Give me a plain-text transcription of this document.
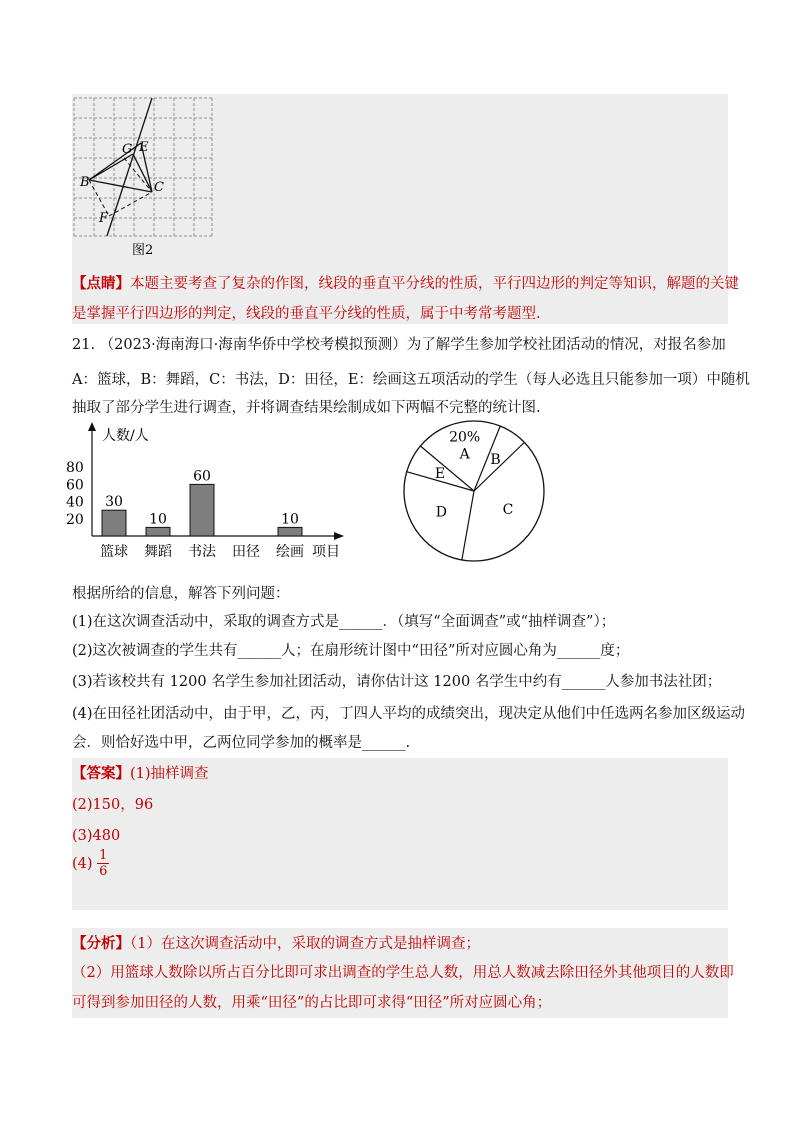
G E
B	C
F
图2
【点睛】本题主要考查了复杂的作图，线段的垂直平分线的性质，平行四边形的判定等知识，解题的关键
是掌握平行四边形的判定，线段的垂直平分线的性质，属于中考常考题型.
21. （2023·海南海口·海南华侨中学校考模拟预测）为了解学生参加学校社团活动的情况，对报名参加
A：篮球，B：舞蹈，C：书法，D：田径，E：绘画这五项活动的学生（每人必选且只能参加一项）中随机
抽取了部分学生进行调查，并将调查结果绘制成如下两幅不完整的统计图.
人数/人
项目
20
40
60
80
篮球
30
舞蹈
10
书法
60
田径 绘画
10
A
20%
B
C
D
E
根据所给的信息，解答下列问题：
(1)在这次调查活动中，采取的调查方式是______．（填写“全面调查”或“抽样调查”）；
(2)这次被调查的学生共有______人；在扇形统计图中“田径”所对应圆心角为______度；
(3)若该校共有 1200 名学生参加社团活动，请你估计这 1200 名学生中约有______人参加书法社团；
(4)在田径社团活动中，由于甲，乙，丙，丁四人平均的成绩突出，现决定从他们中任选两名参加区级运动
会．则恰好选中甲，乙两位同学参加的概率是______.
【答案】(1)抽样调查
(2)150，96
(3)480
$(4) \frac{1}{6}$
【分析】（1）在这次调查活动中，采取的调查方式是抽样调查；
（2）用篮球人数除以所占百分比即可求出调查的学生总人数，用总人数减去除田径外其他项目的人数即
可得到参加田径的人数，用乘“田径”的占比即可求得“田径”所对应圆心角；
